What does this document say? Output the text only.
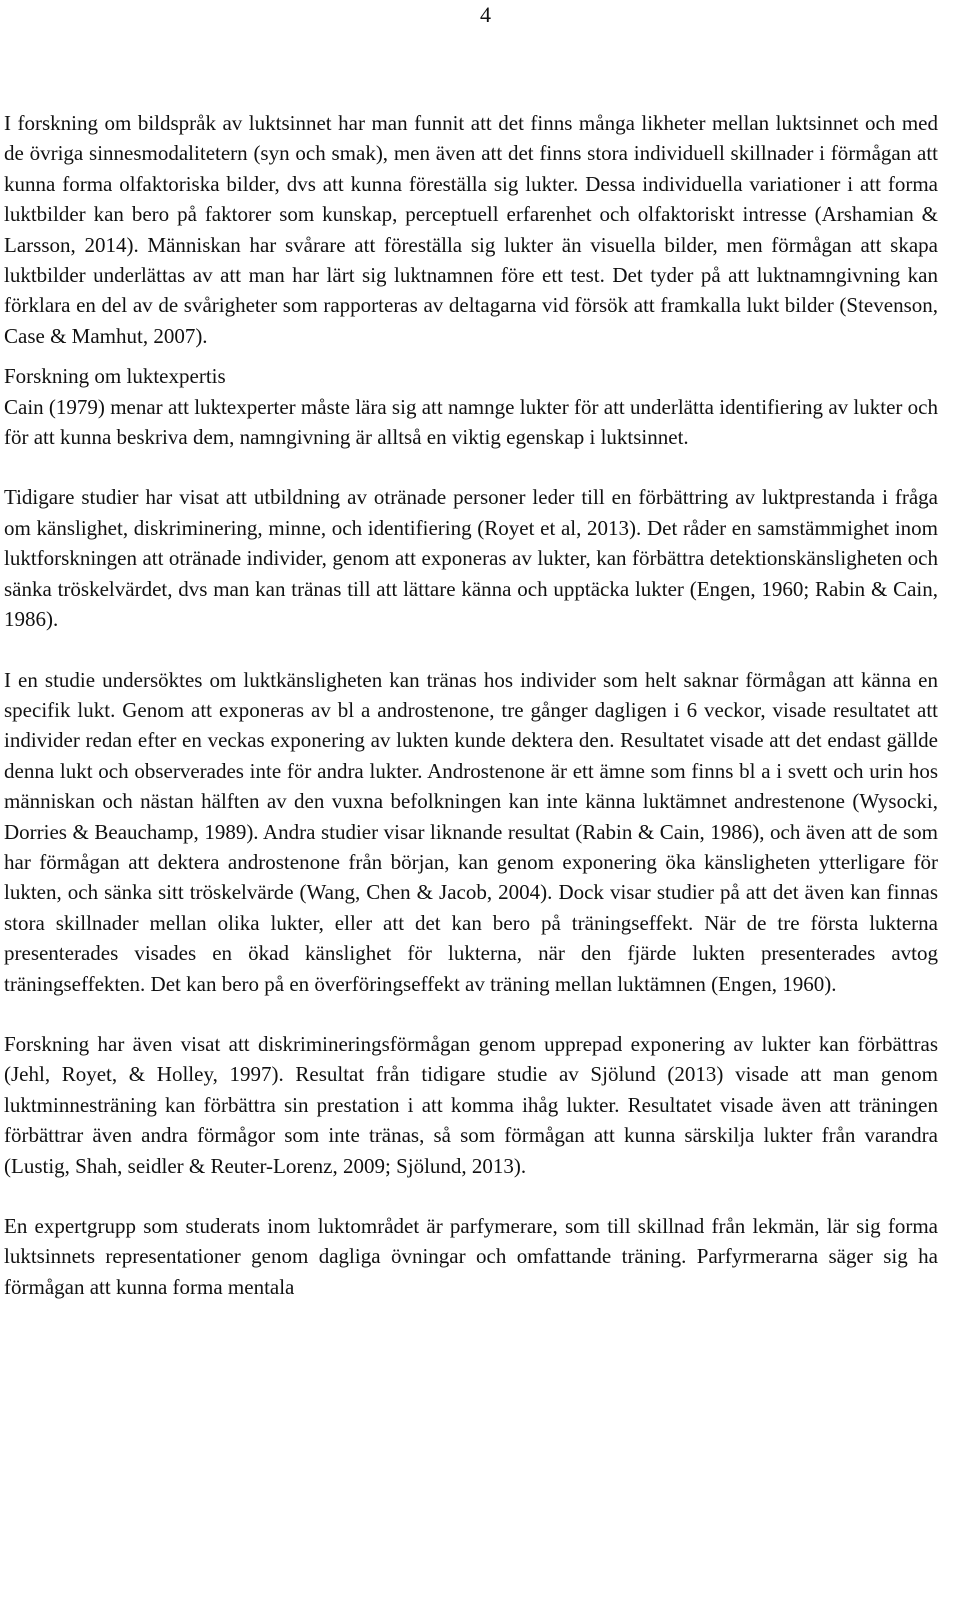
4

I forskning om bildspråk av luktsinnet har man funnit att det finns många likheter mellan luktsinnet och med de övriga sinnesmodalitetern (syn och smak), men även att det finns stora individuell skillnader i förmågan att kunna forma olfaktoriska bilder, dvs att kunna föreställa sig lukter. Dessa individuella variationer i att forma luktbilder kan bero på faktorer som kunskap, perceptuell erfarenhet och olfaktoriskt intresse (Arshamian & Larsson, 2014). Människan har svårare att föreställa sig lukter än visuella bilder, men förmågan att skapa luktbilder underlättas av att man har lärt sig luktnamnen före ett test. Det tyder på att luktnamngivning kan förklara en del av de svårigheter som rapporteras av deltagarna vid försök att framkalla lukt bilder (Stevenson, Case & Mamhut, 2007).

Forskning om luktexpertis

Cain (1979) menar att luktexperter måste lära sig att namnge lukter för att underlätta identifiering av lukter och för att kunna beskriva dem, namngivning är alltså en viktig egenskap i luktsinnet.

Tidigare studier har visat att utbildning av otränade personer leder till en förbättring av luktprestanda i fråga om känslighet, diskriminering, minne, och identifiering (Royet et al, 2013). Det råder en samstämmighet inom luktforskningen att otränade individer, genom att exponeras av lukter, kan förbättra detektionskänsligheten och sänka tröskelvärdet, dvs man kan tränas till att lättare känna och upptäcka lukter (Engen, 1960; Rabin & Cain, 1986).

I en studie undersöktes om luktkänsligheten kan tränas hos individer som helt saknar förmågan att känna en specifik lukt. Genom att exponeras av bl a androstenone, tre gånger dagligen i 6 veckor, visade resultatet att individer redan efter en veckas exponering av lukten kunde dektera den. Resultatet visade att det endast gällde denna lukt och observerades inte för andra lukter. Androstenone är ett ämne som finns bl a i svett och urin hos människan och nästan hälften av den vuxna befolkningen kan inte känna luktämnet andrestenone (Wysocki, Dorries & Beauchamp, 1989). Andra studier visar liknande resultat (Rabin & Cain, 1986), och även att de som har förmågan att dektera androstenone från början, kan genom exponering öka känsligheten ytterligare för lukten, och sänka sitt tröskelvärde (Wang, Chen & Jacob, 2004). Dock visar studier på att det även kan finnas stora skillnader mellan olika lukter, eller att det kan bero på träningseffekt. När de tre första lukterna presenterades visades en ökad känslighet för lukterna, när den fjärde lukten presenterades avtog träningseffekten. Det kan bero på en överföringseffekt av träning mellan luktämnen (Engen, 1960).

Forskning har även visat att diskrimineringsförmågan genom upprepad exponering av lukter kan förbättras (Jehl, Royet, & Holley, 1997). Resultat från tidigare studie av Sjölund (2013) visade att man genom luktminnesträning kan förbättra sin prestation i att komma ihåg lukter. Resultatet visade även att träningen förbättrar även andra förmågor som inte tränas, så som förmågan att kunna särskilja lukter från varandra (Lustig, Shah, seidler & Reuter-Lorenz, 2009; Sjölund, 2013).

En expertgrupp som studerats inom luktområdet är parfymerare, som till skillnad från lekmän, lär sig forma luktsinnets representationer genom dagliga övningar och omfattande träning. Parfyrmerarna säger sig ha förmågan att kunna forma mentala
